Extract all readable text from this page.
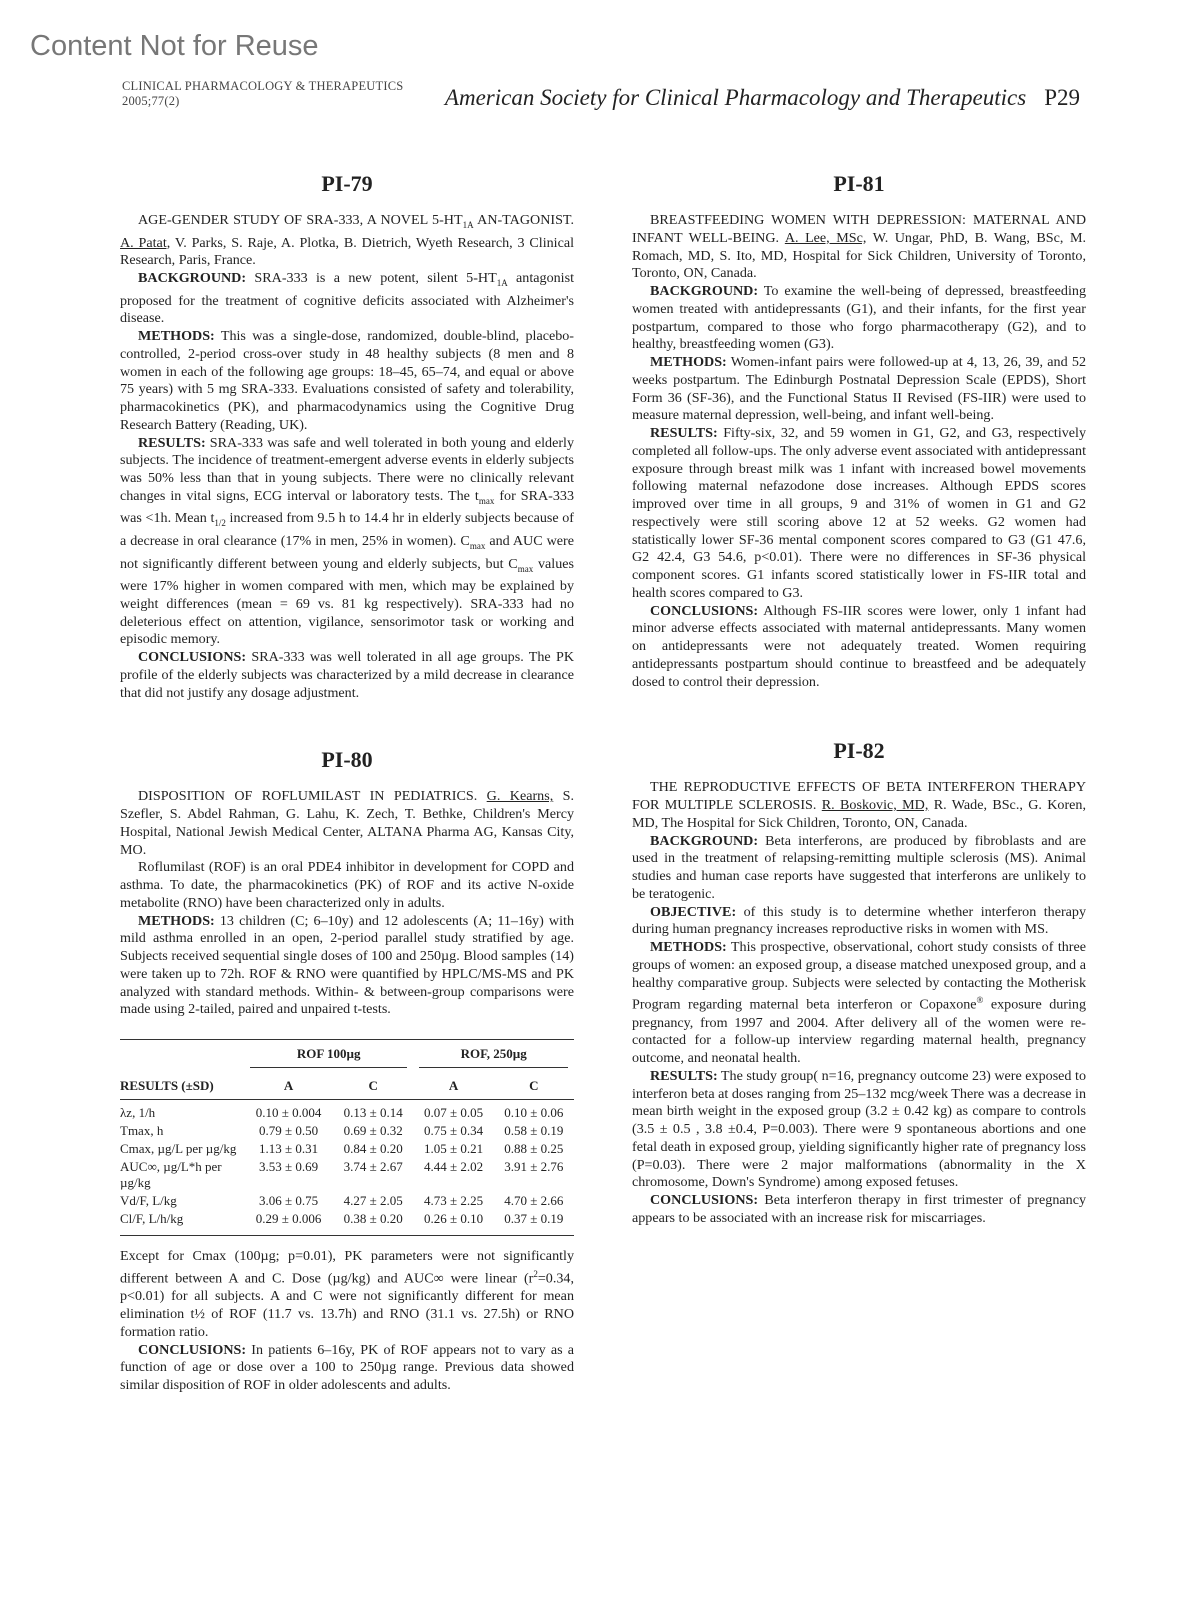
Content Not for Reuse
CLINICAL PHARMACOLOGY & THERAPEUTICS
2005;77(2)	American Society for Clinical Pharmacology and Therapeutics P29
PI-79

AGE-GENDER STUDY OF SRA-333, A NOVEL $5-HT_{1A}$ AN-TAGONIST. A. Patat, V. Parks, S. Raje, A. Plotka, B. Dietrich, Wyeth Research, 3 Clinical Research, Paris, France.

BACKGROUND: SRA-333 is a new potent, silent $5-HT_{1A}$ antagonist proposed for the treatment of cognitive deficits associated with Alzheimer's disease.

METHODS: This was a single-dose, randomized, double-blind, placebo-controlled, 2-period cross-over study in 48 healthy subjects (8 men and 8 women in each of the following age groups: 18–45, 65–74, and equal or above 75 years) with 5 mg SRA-333. Evaluations consisted of safety and tolerability, pharmacokinetics (PK), and pharmacodynamics using the Cognitive Drug Research Battery (Reading, UK).

RESULTS: SRA-333 was safe and well tolerated in both young and elderly subjects. The incidence of treatment-emergent adverse events in elderly subjects was 50% less than that in young subjects. There were no clinically relevant changes in vital signs, ECG interval or laboratory tests. The $t_{max}$ for SRA-333 was <1h. Mean $t_{1/2}$ increased from 9.5 h to 14.4 hr in elderly subjects because of a decrease in oral clearance (17% in men, 25% in women). $C_{max}$ and AUC were not significantly different between young and elderly subjects, but $C_{max}$ values were 17% higher in women compared with men, which may be explained by weight differences (mean = 69 vs. 81 kg respectively). SRA-333 had no deleterious effect on attention, vigilance, sensorimotor task or working and episodic memory.

CONCLUSIONS: SRA-333 was well tolerated in all age groups. The PK profile of the elderly subjects was characterized by a mild decrease in clearance that did not justify any dosage adjustment.

PI-80

DISPOSITION OF ROFLUMILAST IN PEDIATRICS. G. Kearns, S. Szefler, S. Abdel Rahman, G. Lahu, K. Zech, T. Bethke, Children's Mercy Hospital, National Jewish Medical Center, ALTANA Pharma AG, Kansas City, MO.

Roflumilast (ROF) is an oral PDE4 inhibitor in development for COPD and asthma. To date, the pharmacokinetics (PK) of ROF and its active N-oxide metabolite (RNO) have been characterized only in adults.

METHODS: 13 children (C; 6–10y) and 12 adolescents (A; 11–16y) with mild asthma enrolled in an open, 2-period parallel study stratified by age. Subjects received sequential single doses of 100 and 250µg. Blood samples (14) were taken up to 72h. ROF & RNO were quantified by HPLC/MS-MS and PK analyzed with standard methods. Within- & between-group comparisons were made using 2-tailed, paired and unpaired t-tests.

	ROF 100µg		ROF, 250µg	

RESULTS (±SD)	A	C	A	C
λz, 1/h	0.10 ± 0.004	0.13 ± 0.14	0.07 ± 0.05	0.10 ± 0.06
Tmax, h	0.79 ± 0.50	0.69 ± 0.32	0.75 ± 0.34	0.58 ± 0.19
Cmax, µg/L per µg/kg	1.13 ± 0.31	0.84 ± 0.20	1.05 ± 0.21	0.88 ± 0.25
AUC∞, µg/L*h per µg/kg	3.53 ± 0.69	3.74 ± 2.67	4.44 ± 2.02	3.91 ± 2.76
Vd/F, L/kg	3.06 ± 0.75	4.27 ± 2.05	4.73 ± 2.25	4.70 ± 2.66
Cl/F, L/h/kg	0.29 ± 0.006	0.38 ± 0.20	0.26 ± 0.10	0.37 ± 0.19

Except for Cmax (100µg; p=0.01), PK parameters were not significantly different between A and C. Dose (µg/kg) and AUC∞ were linear ($r^2=0.34$, p<0.01) for all subjects. A and C were not significantly different for mean elimination t½ of ROF (11.7 vs. 13.7h) and RNO (31.1 vs. 27.5h) or RNO formation ratio.

CONCLUSIONS: In patients 6–16y, PK of ROF appears not to vary as a function of age or dose over a 100 to 250µg range. Previous data showed similar disposition of ROF in older adolescents and adults.

PI-81

BREASTFEEDING WOMEN WITH DEPRESSION: MATERNAL AND INFANT WELL-BEING. A. Lee, MSc, W. Ungar, PhD, B. Wang, BSc, M. Romach, MD, S. Ito, MD, Hospital for Sick Children, University of Toronto, Toronto, ON, Canada.

BACKGROUND: To examine the well-being of depressed, breastfeeding women treated with antidepressants (G1), and their infants, for the first year postpartum, compared to those who forgo pharmacotherapy (G2), and to healthy, breastfeeding women (G3).

METHODS: Women-infant pairs were followed-up at 4, 13, 26, 39, and 52 weeks postpartum. The Edinburgh Postnatal Depression Scale (EPDS), Short Form 36 (SF-36), and the Functional Status II Revised (FS-IIR) were used to measure maternal depression, well-being, and infant well-being.

RESULTS: Fifty-six, 32, and 59 women in G1, G2, and G3, respectively completed all follow-ups. The only adverse event associated with antidepressant exposure through breast milk was 1 infant with increased bowel movements following maternal nefazodone dose increases. Although EPDS scores improved over time in all groups, 9 and 31% of women in G1 and G2 respectively were still scoring above 12 at 52 weeks. G2 women had statistically lower SF-36 mental component scores compared to G3 (G1 47.6, G2 42.4, G3 54.6, p<0.01). There were no differences in SF-36 physical component scores. G1 infants scored statistically lower in FS-IIR total and health scores compared to G3.

CONCLUSIONS: Although FS-IIR scores were lower, only 1 infant had minor adverse effects associated with maternal antidepressants. Many women on antidepressants were not adequately treated. Women requiring antidepressants postpartum should continue to breastfeed and be adequately dosed to control their depression.

PI-82

THE REPRODUCTIVE EFFECTS OF BETA INTERFERON THERAPY FOR MULTIPLE SCLEROSIS. R. Boskovic, MD, R. Wade, BSc., G. Koren, MD, The Hospital for Sick Children, Toronto, ON, Canada.

BACKGROUND: Beta interferons, are produced by fibroblasts and are used in the treatment of relapsing-remitting multiple sclerosis (MS). Animal studies and human case reports have suggested that interferons are unlikely to be teratogenic.

OBJECTIVE: of this study is to determine whether interferon therapy during human pregnancy increases reproductive risks in women with MS.

METHODS: This prospective, observational, cohort study consists of three groups of women: an exposed group, a disease matched unexposed group, and a healthy comparative group. Subjects were selected by contacting the Motherisk Program regarding maternal beta interferon or Copaxone® exposure during pregnancy, from 1997 and 2004. After delivery all of the women were re-contacted for a follow-up interview regarding maternal health, pregnancy outcome, and neonatal health.

RESULTS: The study group( n=16, pregnancy outcome 23) were exposed to interferon beta at doses ranging from 25–132 mcg/week There was a decrease in mean birth weight in the exposed group (3.2 ± 0.42 kg) as compare to controls (3.5 ± 0.5 , 3.8 ±0.4, P=0.003). There were 9 spontaneous abortions and one fetal death in exposed group, yielding significantly higher rate of pregnancy loss (P=0.03). There were 2 major malformations (abnormality in the X chromosome, Down's Syndrome) among exposed fetuses.

CONCLUSIONS: Beta interferon therapy in first trimester of pregnancy appears to be associated with an increase risk for miscarriages.
